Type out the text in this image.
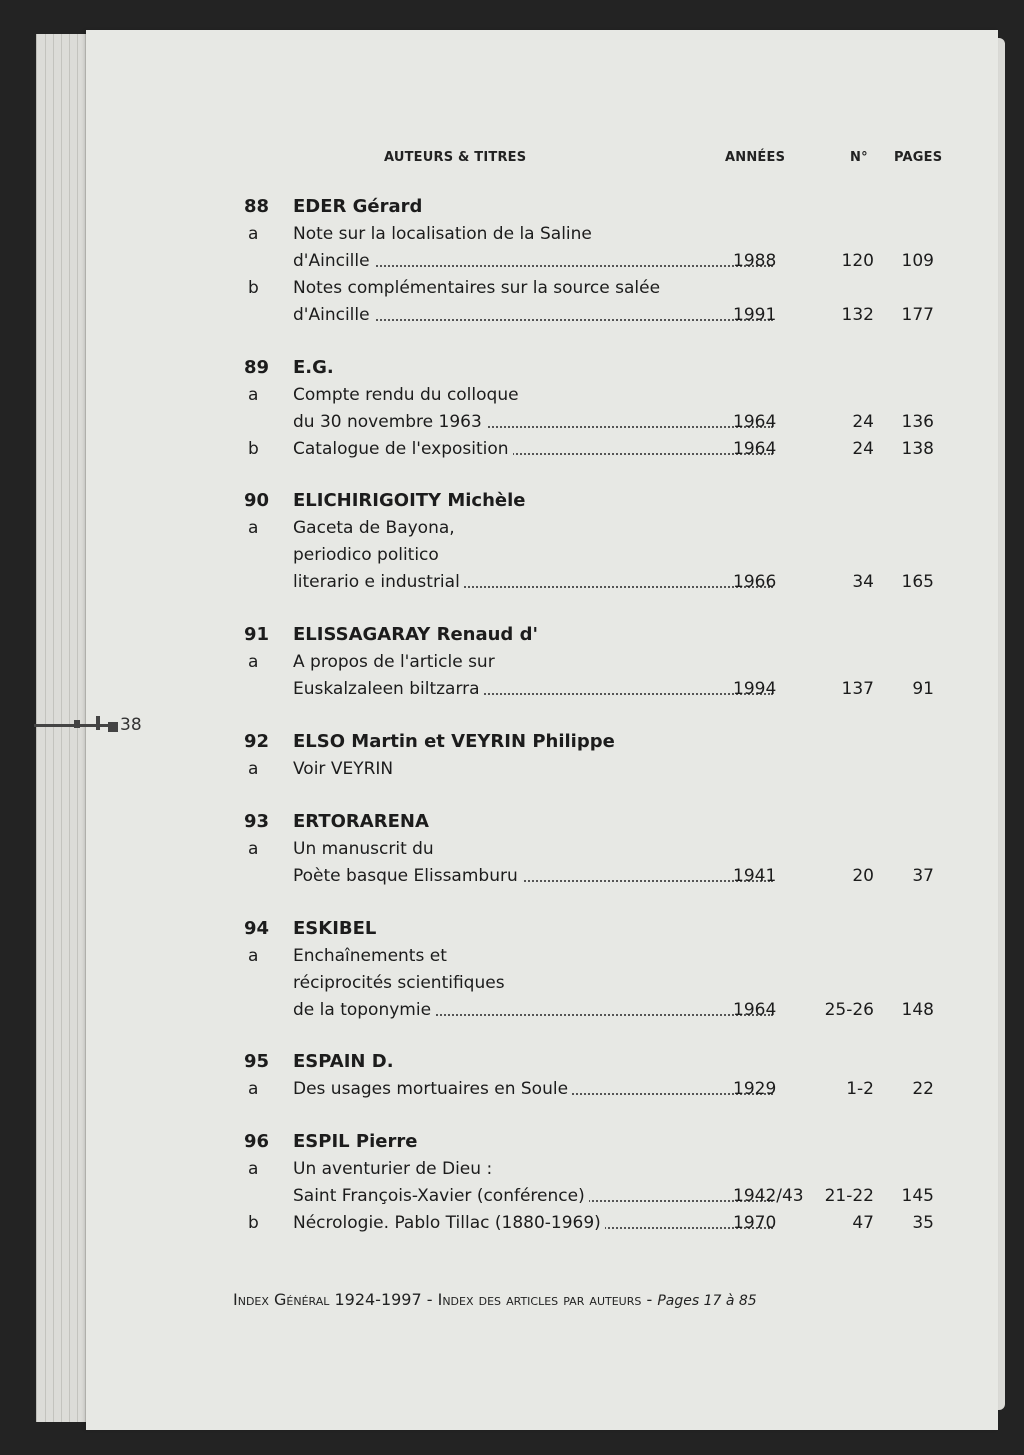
38
AUTEURS & TITRES	ANNÉES	N° PAGES
88 EDER Gérard
a Note sur la localisation de la Saline
d'Aincille	1988	120	109
b Notes complémentaires sur la source salée
d'Aincille	1991	132	177
89 E.G.
a Compte rendu du colloque
du 30 novembre 1963	1964	24	136
b Catalogue de l'exposition	1964	24	138
90 ELICHIRIGOITY Michèle
a Gaceta de Bayona,
periodico politico
literario e industrial	1966	34	165
91 ELISSAGARAY Renaud d'
a A propos de l'article sur
Euskalzaleen biltzarra	1994	137	91
92 ELSO Martin et VEYRIN Philippe
a Voir VEYRIN
93 ERTORARENA
a Un manuscrit du
Poète basque Elissamburu	1941	20	37
94 ESKIBEL
a Enchaînements et
réciprocités scientifiques
de la toponymie	1964	25-26	148
95 ESPAIN D.
a Des usages mortuaires en Soule	1929	1-2	22
96 ESPIL Pierre
a Un aventurier de Dieu :
Saint François-Xavier (conférence)	1942/43 21-22	145
b Nécrologie. Pablo Tillac (1880-1969)	1970	47	35
Index Général 1924-1997 - Index des articles par auteurs - Pages 17 à 85
